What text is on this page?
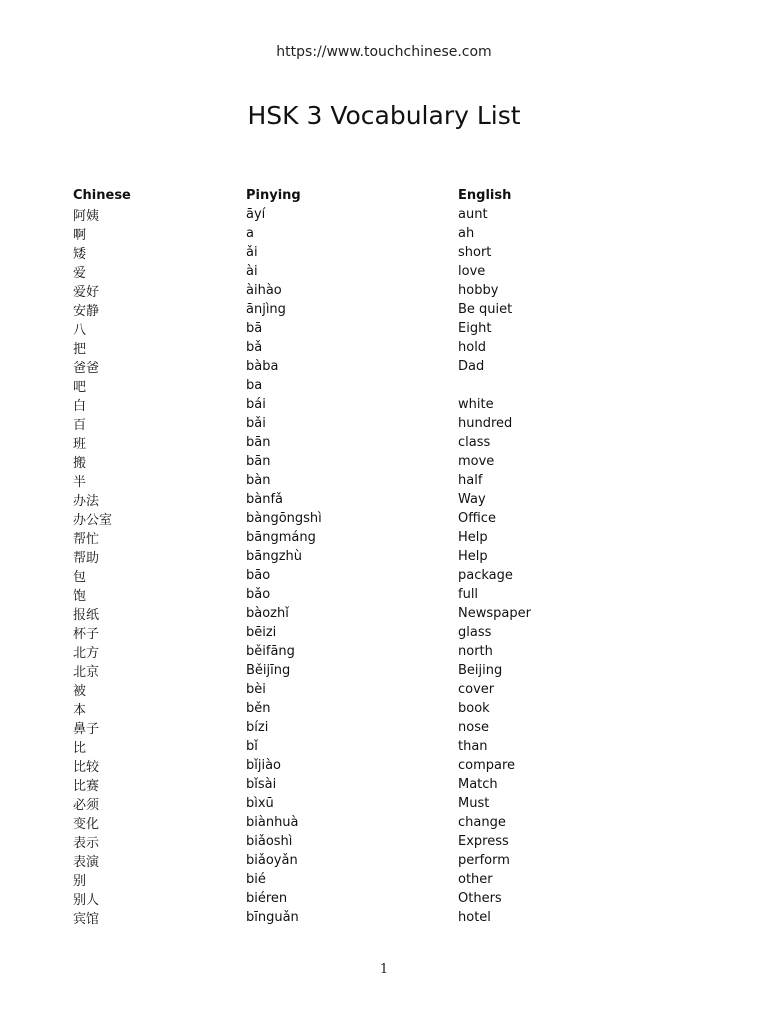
https://www.touchchinese.com
HSK 3 Vocabulary List
Chinese	Pinying	English
阿姨	āyí	aunt
啊	a	ah
矮	ǎi	short
爱	ài	love
爱好	àihào	hobby
安静	ānjìng	Be quiet
八	bā	Eight
把	bǎ	hold
爸爸	bàba	Dad
吧	ba
白	bái	white
百	bǎi	hundred
班	bān	class
搬	bān	move
半	bàn	half
办法	bànfǎ	Way
办公室	bàngōngshì	Office
帮忙	bāngmáng	Help
帮助	bāngzhù	Help
包	bāo	package
饱	bǎo	full
报纸	bàozhǐ	Newspaper
杯子	bēizi	glass
北方	běifāng	north
北京	Běijīng	Beijing
被	bèi	cover
本	běn	book
鼻子	bízi	nose
比	bǐ	than
比较	bǐjiào	compare
比赛	bǐsài	Match
必须	bìxū	Must
变化	biànhuà	change
表示	biǎoshì	Express
表演	biǎoyǎn	perform
别	bié	other
别人	biéren	Others
宾馆	bīnguǎn	hotel
1
